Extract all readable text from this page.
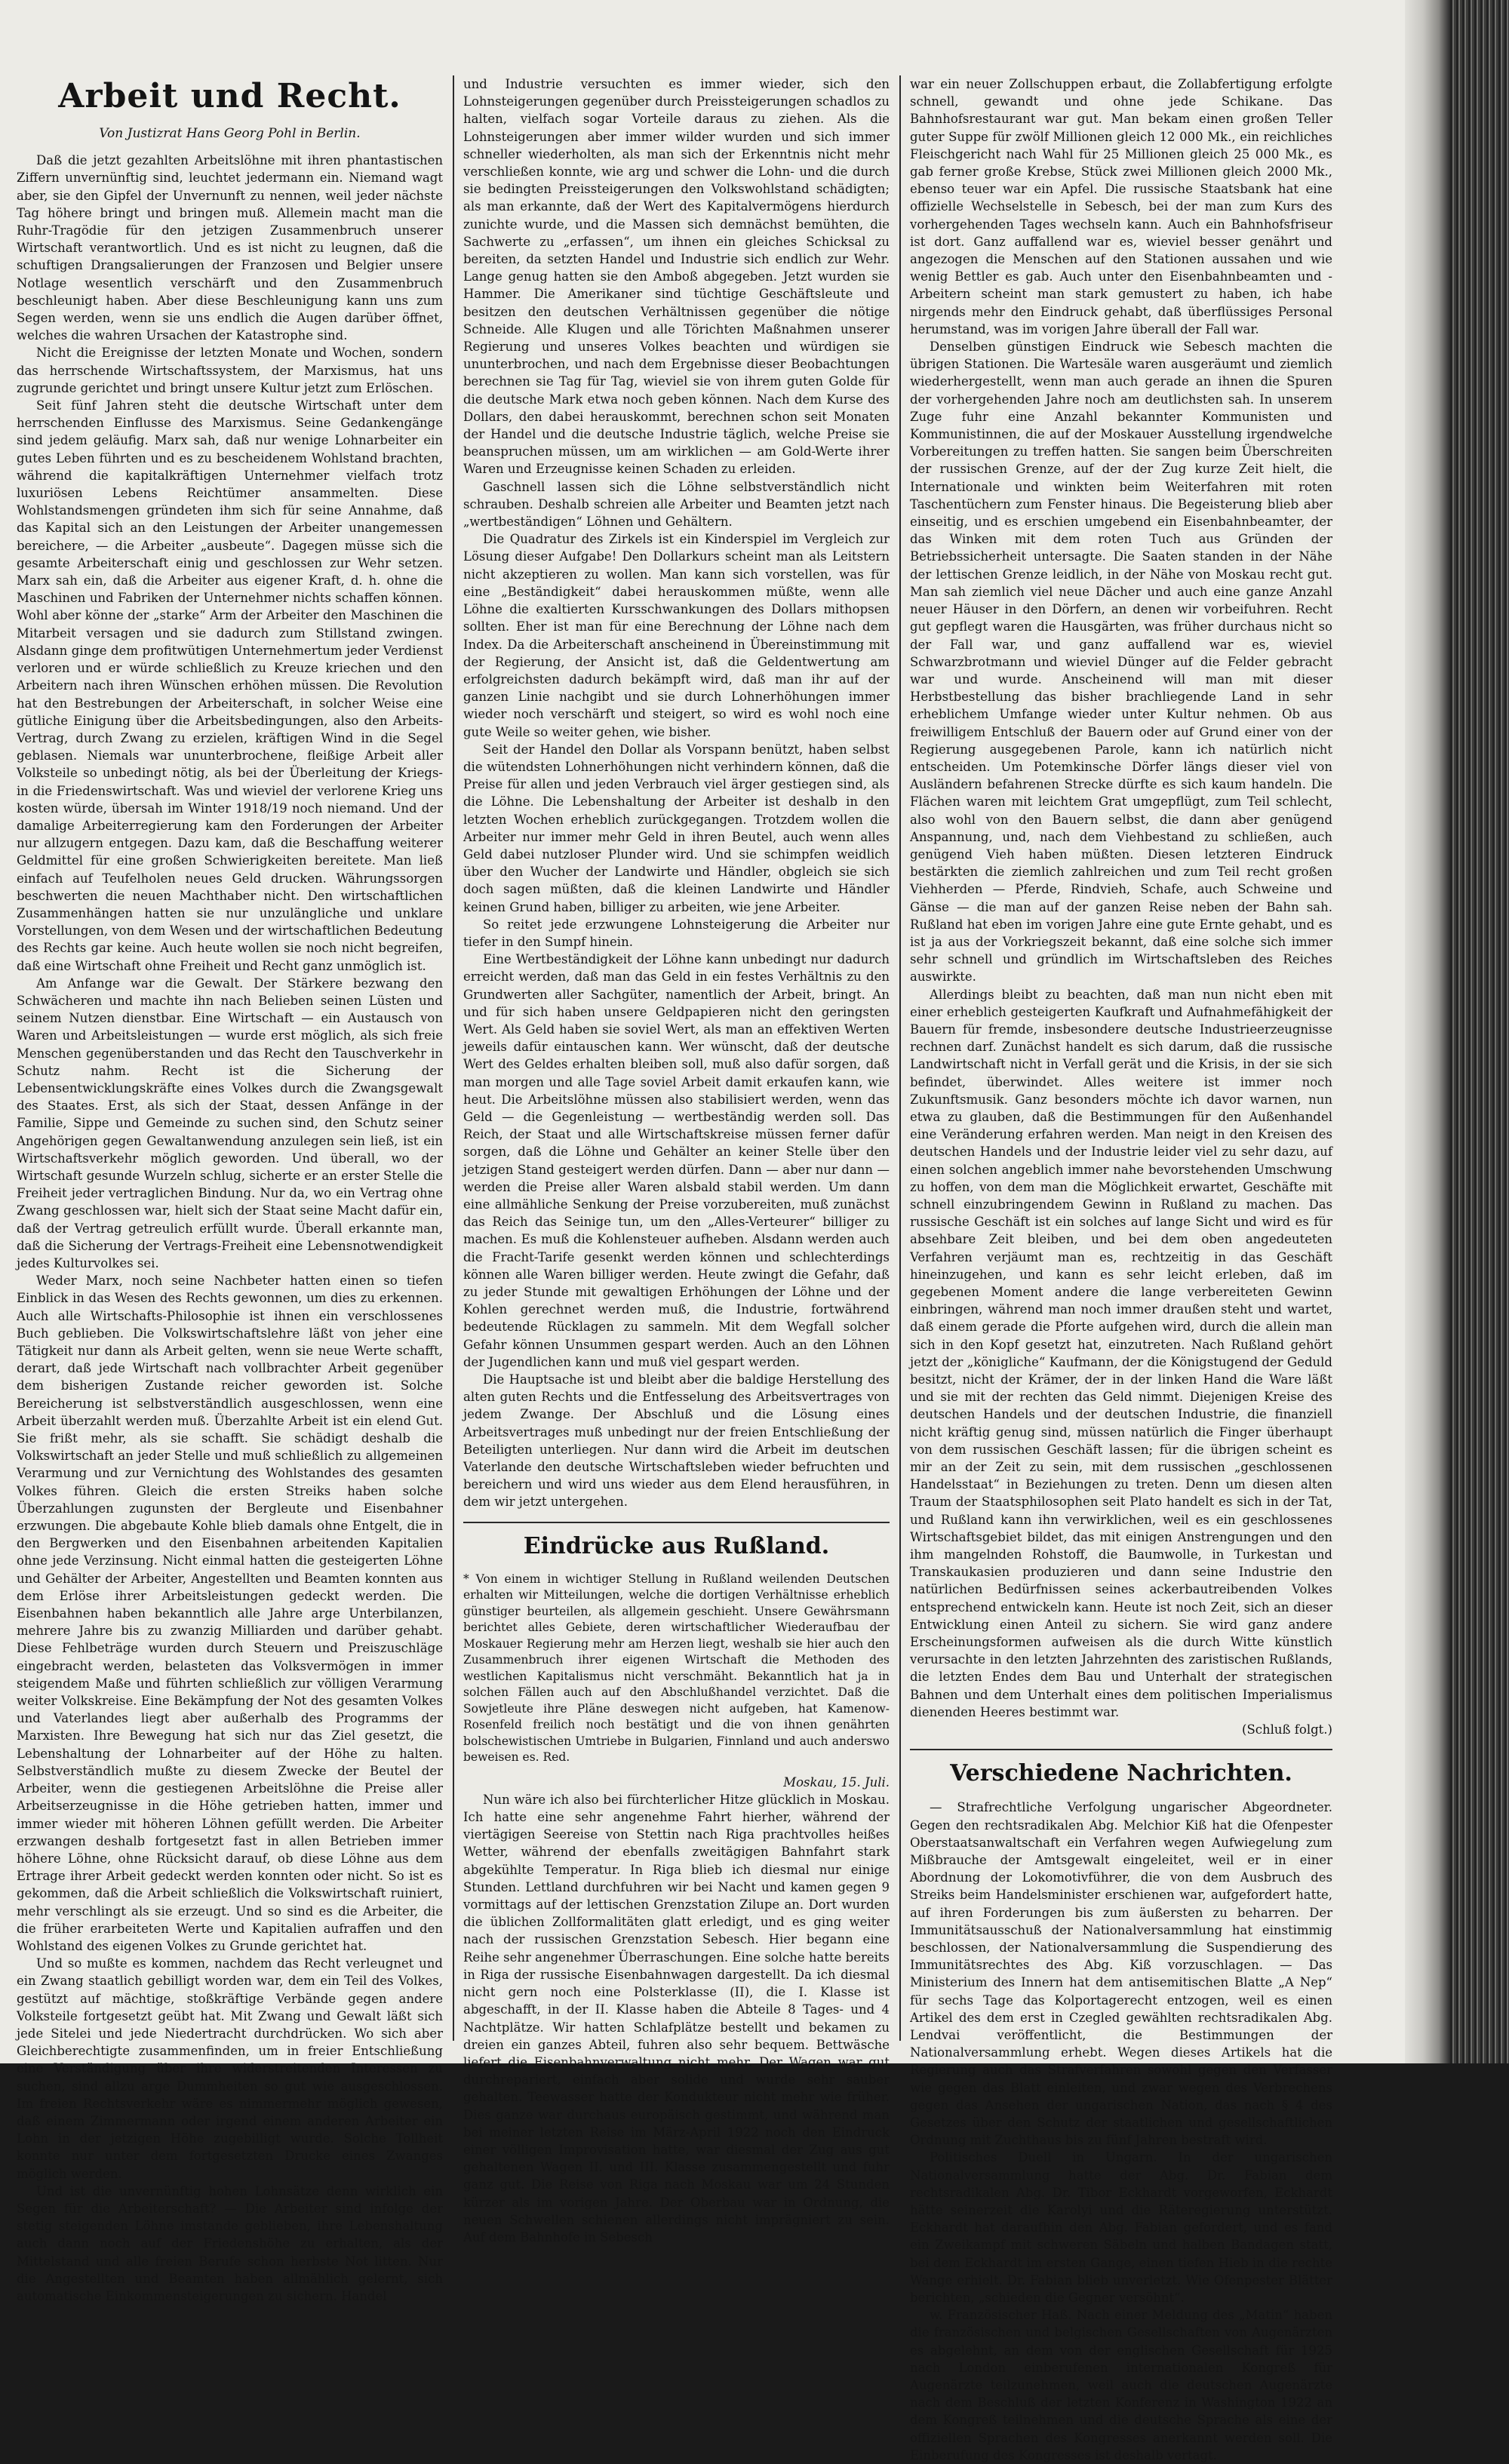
Arbeit und Recht.
Von Justizrat Hans Georg Pohl in Berlin.

Daß die jetzt gezahlten Arbeitslöhne mit ihren phantastischen Ziffern unvernünftig sind, leuchtet jedermann ein. Niemand wagt aber, sie den Gipfel der Unvernunft zu nennen, weil jeder nächste Tag höhere bringt und bringen muß. Allemein macht man die Ruhr-Tragödie für den jetzigen Zusammenbruch unserer Wirtschaft verantwortlich. Und es ist nicht zu leugnen, daß die schuftigen Drangsalierungen der Franzosen und Belgier unsere Notlage wesentlich verschärft und den Zusammenbruch beschleunigt haben. Aber diese Beschleunigung kann uns zum Segen werden, wenn sie uns endlich die Augen darüber öffnet, welches die wahren Ursachen der Katastrophe sind.

Nicht die Ereignisse der letzten Monate und Wochen, sondern das herrschende Wirtschaftssystem, der Marxismus, hat uns zugrunde gerichtet und bringt unsere Kultur jetzt zum Erlöschen.

Seit fünf Jahren steht die deutsche Wirtschaft unter dem herrschenden Einflusse des Marxismus. Seine Gedankengänge sind jedem geläufig. Marx sah, daß nur wenige Lohnarbeiter ein gutes Leben führten und es zu bescheidenem Wohlstand brachten, während die kapitalkräftigen Unternehmer vielfach trotz luxuriösen Lebens Reichtümer ansammelten. Diese Wohlstandsmengen gründeten ihm sich für seine Annahme, daß das Kapital sich an den Leistungen der Arbeiter unangemessen bereichere, — die Arbeiter „ausbeute“. Dagegen müsse sich die gesamte Arbeiterschaft einig und geschlossen zur Wehr setzen. Marx sah ein, daß die Arbeiter aus eigener Kraft, d. h. ohne die Maschinen und Fabriken der Unternehmer nichts schaffen können. Wohl aber könne der „starke“ Arm der Arbeiter den Maschinen die Mitarbeit versagen und sie dadurch zum Stillstand zwingen. Alsdann ginge dem profitwütigen Unternehmertum jeder Verdienst verloren und er würde schließlich zu Kreuze kriechen und den Arbeitern nach ihren Wünschen erhöhen müssen. Die Revolution hat den Bestrebungen der Arbeiterschaft, in solcher Weise eine gütliche Einigung über die Arbeitsbedingungen, also den Arbeits-Vertrag, durch Zwang zu erzielen, kräftigen Wind in die Segel geblasen. Niemals war ununterbrochene, fleißige Arbeit aller Volksteile so unbedingt nötig, als bei der Überleitung der Kriegs- in die Friedenswirtschaft. Was und wieviel der verlorene Krieg uns kosten würde, übersah im Winter 1918/19 noch niemand. Und der damalige Arbeiterregierung kam den Forderungen der Arbeiter nur allzugern entgegen. Dazu kam, daß die Beschaffung weiterer Geldmittel für eine großen Schwierigkeiten bereitete. Man ließ einfach auf Teufelholen neues Geld drucken. Währungssorgen beschwerten die neuen Machthaber nicht. Den wirtschaftlichen Zusammenhängen hatten sie nur unzulängliche und unklare Vorstellungen, von dem Wesen und der wirtschaftlichen Bedeutung des Rechts gar keine. Auch heute wollen sie noch nicht begreifen, daß eine Wirtschaft ohne Freiheit und Recht ganz unmöglich ist.

Am Anfange war die Gewalt. Der Stärkere bezwang den Schwächeren und machte ihn nach Belieben seinen Lüsten und seinem Nutzen dienstbar. Eine Wirtschaft — ein Austausch von Waren und Arbeitsleistungen — wurde erst möglich, als sich freie Menschen gegenüberstanden und das Recht den Tauschverkehr in Schutz nahm. Recht ist die Sicherung der Lebensentwicklungskräfte eines Volkes durch die Zwangsgewalt des Staates. Erst, als sich der Staat, dessen Anfänge in der Familie, Sippe und Gemeinde zu suchen sind, den Schutz seiner Angehörigen gegen Gewaltanwendung anzulegen sein ließ, ist ein Wirtschaftsverkehr möglich geworden. Und überall, wo der Wirtschaft gesunde Wurzeln schlug, sicherte er an erster Stelle die Freiheit jeder vertraglichen Bindung. Nur da, wo ein Vertrag ohne Zwang geschlossen war, hielt sich der Staat seine Macht dafür ein, daß der Vertrag getreulich erfüllt wurde. Überall erkannte man, daß die Sicherung der Vertrags-Freiheit eine Lebensnotwendigkeit jedes Kulturvolkes sei.

Weder Marx, noch seine Nachbeter hatten einen so tiefen Einblick in das Wesen des Rechts gewonnen, um dies zu erkennen. Auch alle Wirtschafts-Philosophie ist ihnen ein verschlossenes Buch geblieben. Die Volkswirtschaftslehre läßt von jeher eine Tätigkeit nur dann als Arbeit gelten, wenn sie neue Werte schafft, derart, daß jede Wirtschaft nach vollbrachter Arbeit gegenüber dem bisherigen Zustande reicher geworden ist. Solche Bereicherung ist selbstverständlich ausgeschlossen, wenn eine Arbeit überzahlt werden muß. Überzahlte Arbeit ist ein elend Gut. Sie frißt mehr, als sie schafft. Sie schädigt deshalb die Volkswirtschaft an jeder Stelle und muß schließlich zu allgemeinen Verarmung und zur Vernichtung des Wohlstandes des gesamten Volkes führen. Gleich die ersten Streiks haben solche Überzahlungen zugunsten der Bergleute und Eisenbahner erzwungen. Die abgebaute Kohle blieb damals ohne Entgelt, die in den Bergwerken und den Eisenbahnen arbeitenden Kapitalien ohne jede Verzinsung. Nicht einmal hatten die gesteigerten Löhne und Gehälter der Arbeiter, Angestellten und Beamten konnten aus dem Erlöse ihrer Arbeitsleistungen gedeckt werden. Die Eisenbahnen haben bekanntlich alle Jahre arge Unterbilanzen, mehrere Jahre bis zu zwanzig Milliarden und darüber gehabt. Diese Fehlbeträge wurden durch Steuern und Preiszuschläge eingebracht werden, belasteten das Volksvermögen in immer steigendem Maße und führten schließlich zur völligen Verarmung weiter Volkskreise. Eine Bekämpfung der Not des gesamten Volkes und Vaterlandes liegt aber außerhalb des Programms der Marxisten. Ihre Bewegung hat sich nur das Ziel gesetzt, die Lebenshaltung der Lohnarbeiter auf der Höhe zu halten. Selbstverständlich mußte zu diesem Zwecke der Beutel der Arbeiter, wenn die gestiegenen Arbeitslöhne die Preise aller Arbeitserzeugnisse in die Höhe getrieben hatten, immer und immer wieder mit höheren Löhnen gefüllt werden. Die Arbeiter erzwangen deshalb fortgesetzt fast in allen Betrieben immer höhere Löhne, ohne Rücksicht darauf, ob diese Löhne aus dem Ertrage ihrer Arbeit gedeckt werden konnten oder nicht. So ist es gekommen, daß die Arbeit schließlich die Volkswirtschaft ruiniert, mehr verschlingt als sie erzeugt. Und so sind es die Arbeiter, die die früher erarbeiteten Werte und Kapitalien aufraffen und den Wohlstand des eigenen Volkes zu Grunde gerichtet hat.

Und so mußte es kommen, nachdem das Recht verleugnet und ein Zwang staatlich gebilligt worden war, dem ein Teil des Volkes, gestützt auf mächtige, stoßkräftige Verbände gegen andere Volksteile fortgesetzt geübt hat. Mit Zwang und Gewalt läßt sich jede Sitelei und jede Niedertracht durchdrücken. Wo sich aber Gleichberechtigte zusammenfinden, um in freier Entschließung eine Verständigung über ihre widerstreitenden Interessen zu suchen, sind allzu arge Dummheiten so gut wie ausgeschlossen. Im freien Rechtsverkehr wäre es nimmermehr möglich gewesen, daß einem Zimmermann oder irgend einem anderen Arbeiter ein Lohn in der jetzigen Höhe zugebilligt wurde. Solche Tollheit konnte nur unter dem fortgesetzten Drucke eines Zwanges möglich werden.

Und ist die unvernünftig hohen Lohnsätze denn wirklich ein Segen für die Arbeiterschaft? — Die Arbeiter sind infolge der stetig steigenden Löhne imstande geblieben, ihre Lebenshaltung auch dann noch auf der Friedenshöhe zu erhalten, als der Mittelstand und alle freien Berufe schon herbste Not litten. Nur die Angestellten und Beamten haben allmählich gelernt, sich automatische Einkommensteigerungen zu sichern. Handel

und Industrie versuchten es immer wieder, sich den Lohnsteigerungen gegenüber durch Preissteigerungen schadlos zu halten, vielfach sogar Vorteile daraus zu ziehen. Als die Lohnsteigerungen aber immer wilder wurden und sich immer schneller wiederholten, als man sich der Erkenntnis nicht mehr verschließen konnte, wie arg und schwer die Lohn- und die durch sie bedingten Preissteigerungen den Volkswohlstand schädigten; als man erkannte, daß der Wert des Kapitalvermögens hierdurch zunichte wurde, und die Massen sich demnächst bemühten, die Sachwerte zu „erfassen“, um ihnen ein gleiches Schicksal zu bereiten, da setzten Handel und Industrie sich endlich zur Wehr. Lange genug hatten sie den Amboß abgegeben. Jetzt wurden sie Hammer. Die Amerikaner sind tüchtige Geschäftsleute und besitzen den deutschen Verhältnissen gegenüber die nötige Schneide. Alle Klugen und alle Törichten Maßnahmen unserer Regierung und unseres Volkes beachten und würdigen sie ununterbrochen, und nach dem Ergebnisse dieser Beobachtungen berechnen sie Tag für Tag, wieviel sie von ihrem guten Golde für die deutsche Mark etwa noch geben können. Nach dem Kurse des Dollars, den dabei herauskommt, berechnen schon seit Monaten der Handel und die deutsche Industrie täglich, welche Preise sie beanspruchen müssen, um am wirklichen — am Gold-Werte ihrer Waren und Erzeugnisse keinen Schaden zu erleiden.

Gaschnell lassen sich die Löhne selbstverständlich nicht schrauben. Deshalb schreien alle Arbeiter und Beamten jetzt nach „wertbeständigen“ Löhnen und Gehältern.

Die Quadratur des Zirkels ist ein Kinderspiel im Vergleich zur Lösung dieser Aufgabe! Den Dollarkurs scheint man als Leitstern nicht akzeptieren zu wollen. Man kann sich vorstellen, was für eine „Beständigkeit“ dabei herauskommen müßte, wenn alle Löhne die exaltierten Kursschwankungen des Dollars mithopsen sollten. Eher ist man für eine Berechnung der Löhne nach dem Index. Da die Arbeiterschaft anscheinend in Übereinstimmung mit der Regierung, der Ansicht ist, daß die Geldentwertung am erfolgreichsten dadurch bekämpft wird, daß man ihr auf der ganzen Linie nachgibt und sie durch Lohnerhöhungen immer wieder noch verschärft und steigert, so wird es wohl noch eine gute Weile so weiter gehen, wie bisher.

Seit der Handel den Dollar als Vorspann benützt, haben selbst die wütendsten Lohnerhöhungen nicht verhindern können, daß die Preise für allen und jeden Verbrauch viel ärger gestiegen sind, als die Löhne. Die Lebenshaltung der Arbeiter ist deshalb in den letzten Wochen erheblich zurückgegangen. Trotzdem wollen die Arbeiter nur immer mehr Geld in ihren Beutel, auch wenn alles Geld dabei nutzloser Plunder wird. Und sie schimpfen weidlich über den Wucher der Landwirte und Händler, obgleich sie sich doch sagen müßten, daß die kleinen Landwirte und Händler keinen Grund haben, billiger zu arbeiten, wie jene Arbeiter.

So reitet jede erzwungene Lohnsteigerung die Arbeiter nur tiefer in den Sumpf hinein.

Eine Wertbeständigkeit der Löhne kann unbedingt nur dadurch erreicht werden, daß man das Geld in ein festes Verhältnis zu den Grundwerten aller Sachgüter, namentlich der Arbeit, bringt. An und für sich haben unsere Geldpapieren nicht den geringsten Wert. Als Geld haben sie soviel Wert, als man an effektiven Werten jeweils dafür eintauschen kann. Wer wünscht, daß der deutsche Wert des Geldes erhalten bleiben soll, muß also dafür sorgen, daß man morgen und alle Tage soviel Arbeit damit erkaufen kann, wie heut. Die Arbeitslöhne müssen also stabilisiert werden, wenn das Geld — die Gegenleistung — wertbeständig werden soll. Das Reich, der Staat und alle Wirtschaftskreise müssen ferner dafür sorgen, daß die Löhne und Gehälter an keiner Stelle über den jetzigen Stand gesteigert werden dürfen. Dann — aber nur dann — werden die Preise aller Waren alsbald stabil werden. Um dann eine allmähliche Senkung der Preise vorzubereiten, muß zunächst das Reich das Seinige tun, um den „Alles-Verteurer“ billiger zu machen. Es muß die Kohlensteuer aufheben. Alsdann werden auch die Fracht-Tarife gesenkt werden können und schlechterdings können alle Waren billiger werden. Heute zwingt die Gefahr, daß zu jeder Stunde mit gewaltigen Erhöhungen der Löhne und der Kohlen gerechnet werden muß, die Industrie, fortwährend bedeutende Rücklagen zu sammeln. Mit dem Wegfall solcher Gefahr können Unsummen gespart werden. Auch an den Löhnen der Jugendlichen kann und muß viel gespart werden.

Die Hauptsache ist und bleibt aber die baldige Herstellung des alten guten Rechts und die Entfesselung des Arbeitsvertrages von jedem Zwange. Der Abschluß und die Lösung eines Arbeitsvertrages muß unbedingt nur der freien Entschließung der Beteiligten unterliegen. Nur dann wird die Arbeit im deutschen Vaterlande den deutsche Wirtschaftsleben wieder befruchten und bereichern und wird uns wieder aus dem Elend herausführen, in dem wir jetzt untergehen.

Eindrücke aus Rußland.
* Von einem in wichtiger Stellung in Rußland weilenden Deutschen erhalten wir Mitteilungen, welche die dortigen Verhältnisse erheblich günstiger beurteilen, als allgemein geschieht. Unsere Gewährsmann berichtet alles Gebiete, deren wirtschaftlicher Wiederaufbau der Moskauer Regierung mehr am Herzen liegt, weshalb sie hier auch den Zusammenbruch ihrer eigenen Wirtschaft die Methoden des westlichen Kapitalismus nicht verschmäht. Bekanntlich hat ja in solchen Fällen auch auf den Abschlußhandel verzichtet. Daß die Sowjetleute ihre Pläne deswegen nicht aufgeben, hat Kamenow-Rosenfeld freilich noch bestätigt und die von ihnen genährten bolschewistischen Umtriebe in Bulgarien, Finnland und auch anderswo beweisen es. Red.
Moskau, 15. Juli.

Nun wäre ich also bei fürchterlicher Hitze glücklich in Moskau. Ich hatte eine sehr angenehme Fahrt hierher, während der viertägigen Seereise von Stettin nach Riga prachtvolles heißes Wetter, während der ebenfalls zweitägigen Bahnfahrt stark abgekühlte Temperatur. In Riga blieb ich diesmal nur einige Stunden. Lettland durchfuhren wir bei Nacht und kamen gegen 9 vormittags auf der lettischen Grenzstation Zilupe an. Dort wurden die üblichen Zollformalitäten glatt erledigt, und es ging weiter nach der russischen Grenzstation Sebesch. Hier begann eine Reihe sehr angenehmer Überraschungen. Eine solche hatte bereits in Riga der russische Eisenbahnwagen dargestellt. Da ich diesmal nicht gern noch eine Polsterklasse (II), die I. Klasse ist abgeschafft, in der II. Klasse haben die Abteile 8 Tages- und 4 Nachtplätze. Wir hatten Schlafplätze bestellt und bekamen zu dreien ein ganzes Abteil, fuhren also sehr bequem. Bettwäsche liefert die Eisenbahnverwaltung nicht mehr. Der Wagen war gut durchrepariert, einfach aber solide und wurde sehr sauber gehalten. Teewasser hatte der Kondukteur nicht mehr wie früher. Dies ganze war durchaus europäisch gestimmt, und während man bei meiner letzten Reise im März-April 1922 noch den Eindruck einer völligen Improvisation hatte, war diesmal der Zug aus gut gehaltenen Wagen II. und III. Klasse zusammengestellt und fuhr ganz gut. Die Reise von Riga nach Moskau war um 24 Stunden kürzer als im vorigen Jahre. Der Oberbau war in Ordnung, die neuen Schwellen schienen allerdings nicht imprägniert zu sein. Auf dem Bahnhofe in Sebesch

war ein neuer Zollschuppen erbaut, die Zollabfertigung erfolgte schnell, gewandt und ohne jede Schikane. Das Bahnhofsrestaurant war gut. Man bekam einen großen Teller guter Suppe für zwölf Millionen gleich 12 000 Mk., ein reichliches Fleischgericht nach Wahl für 25 Millionen gleich 25 000 Mk., es gab ferner große Krebse, Stück zwei Millionen gleich 2000 Mk., ebenso teuer war ein Apfel. Die russische Staatsbank hat eine offizielle Wechselstelle in Sebesch, bei der man zum Kurs des vorhergehenden Tages wechseln kann. Auch ein Bahnhofsfriseur ist dort. Ganz auffallend war es, wieviel besser genährt und angezogen die Menschen auf den Stationen aussahen und wie wenig Bettler es gab. Auch unter den Eisenbahnbeamten und -Arbeitern scheint man stark gemustert zu haben, ich habe nirgends mehr den Eindruck gehabt, daß überflüssiges Personal herumstand, was im vorigen Jahre überall der Fall war.

Denselben günstigen Eindruck wie Sebesch machten die übrigen Stationen. Die Wartesäle waren ausgeräumt und ziemlich wiederhergestellt, wenn man auch gerade an ihnen die Spuren der vorhergehenden Jahre noch am deutlichsten sah. In unserem Zuge fuhr eine Anzahl bekannter Kommunisten und Kommunistinnen, die auf der Moskauer Ausstellung irgendwelche Vorbereitungen zu treffen hatten. Sie sangen beim Überschreiten der russischen Grenze, auf der der Zug kurze Zeit hielt, die Internationale und winkten beim Weiterfahren mit roten Taschentüchern zum Fenster hinaus. Die Begeisterung blieb aber einseitig, und es erschien umgebend ein Eisenbahnbeamter, der das Winken mit dem roten Tuch aus Gründen der Betriebssicherheit untersagte. Die Saaten standen in der Nähe der lettischen Grenze leidlich, in der Nähe von Moskau recht gut. Man sah ziemlich viel neue Dächer und auch eine ganze Anzahl neuer Häuser in den Dörfern, an denen wir vorbeifuhren. Recht gut gepflegt waren die Hausgärten, was früher durchaus nicht so der Fall war, und ganz auffallend war es, wieviel Schwarzbrotmann und wieviel Dünger auf die Felder gebracht war und wurde. Anscheinend will man mit dieser Herbstbestellung das bisher brachliegende Land in sehr erheblichem Umfange wieder unter Kultur nehmen. Ob aus freiwilligem Entschluß der Bauern oder auf Grund einer von der Regierung ausgegebenen Parole, kann ich natürlich nicht entscheiden. Um Potemkinsche Dörfer längs dieser viel von Ausländern befahrenen Strecke dürfte es sich kaum handeln. Die Flächen waren mit leichtem Grat umgepflügt, zum Teil schlecht, also wohl von den Bauern selbst, die dann aber genügend Anspannung, und, nach dem Viehbestand zu schließen, auch genügend Vieh haben müßten. Diesen letzteren Eindruck bestärkten die ziemlich zahlreichen und zum Teil recht großen Viehherden — Pferde, Rindvieh, Schafe, auch Schweine und Gänse — die man auf der ganzen Reise neben der Bahn sah. Rußland hat eben im vorigen Jahre eine gute Ernte gehabt, und es ist ja aus der Vorkriegszeit bekannt, daß eine solche sich immer sehr schnell und gründlich im Wirtschaftsleben des Reiches auswirkte.

Allerdings bleibt zu beachten, daß man nun nicht eben mit einer erheblich gesteigerten Kaufkraft und Aufnahmefähigkeit der Bauern für fremde, insbesondere deutsche Industrieerzeugnisse rechnen darf. Zunächst handelt es sich darum, daß die russische Landwirtschaft nicht in Verfall gerät und die Krisis, in der sie sich befindet, überwindet. Alles weitere ist immer noch Zukunftsmusik. Ganz besonders möchte ich davor warnen, nun etwa zu glauben, daß die Bestimmungen für den Außenhandel eine Veränderung erfahren werden. Man neigt in den Kreisen des deutschen Handels und der Industrie leider viel zu sehr dazu, auf einen solchen angeblich immer nahe bevorstehenden Umschwung zu hoffen, von dem man die Möglichkeit erwartet, Geschäfte mit schnell einzubringendem Gewinn in Rußland zu machen. Das russische Geschäft ist ein solches auf lange Sicht und wird es für absehbare Zeit bleiben, und bei dem oben angedeuteten Verfahren verjäumt man es, rechtzeitig in das Geschäft hineinzugehen, und kann es sehr leicht erleben, daß im gegebenen Moment andere die lange verbereiteten Gewinn einbringen, während man noch immer draußen steht und wartet, daß einem gerade die Pforte aufgehen wird, durch die allein man sich in den Kopf gesetzt hat, einzutreten. Nach Rußland gehört jetzt der „königliche“ Kaufmann, der die Königstugend der Geduld besitzt, nicht der Krämer, der in der linken Hand die Ware läßt und sie mit der rechten das Geld nimmt. Diejenigen Kreise des deutschen Handels und der deutschen Industrie, die finanziell nicht kräftig genug sind, müssen natürlich die Finger überhaupt von dem russischen Geschäft lassen; für die übrigen scheint es mir an der Zeit zu sein, mit dem russischen „geschlossenen Handelsstaat“ in Beziehungen zu treten. Denn um diesen alten Traum der Staatsphilosophen seit Plato handelt es sich in der Tat, und Rußland kann ihn verwirklichen, weil es ein geschlossenes Wirtschaftsgebiet bildet, das mit einigen Anstrengungen und den ihm mangelnden Rohstoff, die Baumwolle, in Turkestan und Transkaukasien produzieren und dann seine Industrie den natürlichen Bedürfnissen seines ackerbautreibenden Volkes entsprechend entwickeln kann. Heute ist noch Zeit, sich an dieser Entwicklung einen Anteil zu sichern. Sie wird ganz andere Erscheinungsformen aufweisen als die durch Witte künstlich verursachte in den letzten Jahrzehnten des zaristischen Rußlands, die letzten Endes dem Bau und Unterhalt der strategischen Bahnen und dem Unterhalt eines dem politischen Imperialismus dienenden Heeres bestimmt war.

(Schluß folgt.)
Verschiedene Nachrichten.

— Strafrechtliche Verfolgung ungarischer Abgeordneter. Gegen den rechtsradikalen Abg. Melchior Kiß hat die Ofenpester Oberstaatsanwaltschaft ein Verfahren wegen Aufwiegelung zum Mißbrauche der Amtsgewalt eingeleitet, weil er in einer Abordnung der Lokomotivführer, die von dem Ausbruch des Streiks beim Handelsminister erschienen war, aufgefordert hatte, auf ihren Forderungen bis zum äußersten zu beharren. Der Immunitätsausschuß der Nationalversammlung hat einstimmig beschlossen, der Nationalversammlung die Suspendierung des Immunitätsrechtes des Abg. Kiß vorzuschlagen. — Das Ministerium des Innern hat dem antisemitischen Blatte „A Nep“ für sechs Tage das Kolportagerecht entzogen, weil es einen Artikel des dem erst in Czegled gewählten rechtsradikalen Abg. Lendvai veröffentlicht, die Bestimmungen der Nationalversammlung erhebt. Wegen dieses Artikels hat die Regierung auch das Strafverfahren sowohl gegen den Verfasser wie gegen das Blatt einleiten, und zwar wegen des Verbrechens gegen das Ansehen der ungarischen Nation, das nach § 4 des Gesetzes über den Schutz der staatlichen und gesellschaftlichen Ordnung mit Zuchthaus bis zu fünf Jahren bestraft wird.

Politisches Duell in Ungarn. In der ungarischen Nationalversammlung hatte der Abg. Dr. Fabian dem rechtsradikalen Abg. Dr. Tibor Eckhardt vorgeworfen, Eckhardt hätte seinerzeit die Karolyi und die Räteregierung unterstützt. Eckhardt hat daraufhin den Abg. Fabian gefordert, und es fand ein Zweikampf mit schweren Säbeln und halben Bandagen statt, bei dem Eckhardt im ersten Gange, einen tiefen Hieb in die rechte Wange erhielt. Dr. Fabian blieb unverletzt. Wie Ofenpester Blätter berichten, „schieden die Gegner versöhnt“.

w. Französischer Haß. Nach einer Meldung des „Matin“ haben die französischen und belgischen Gesellschaften von Augenärzten es abgelehnt, an dem von der englischen Gesellschaft für 1925 nach London einberufenen internationalen Kongreß für Augenärzte teilzunehmen, weil auch die deutschen Augenärzte nach dem Beschluß der letzten Konferenz in Washington 1922 an dem Kongreß teilnehmen und die deutsche Sprache als eine der offiziellen Sprachen des Kongresses anerkannt werden soll. Die Einberufung des Kongresses ist deshalb vertagt.
